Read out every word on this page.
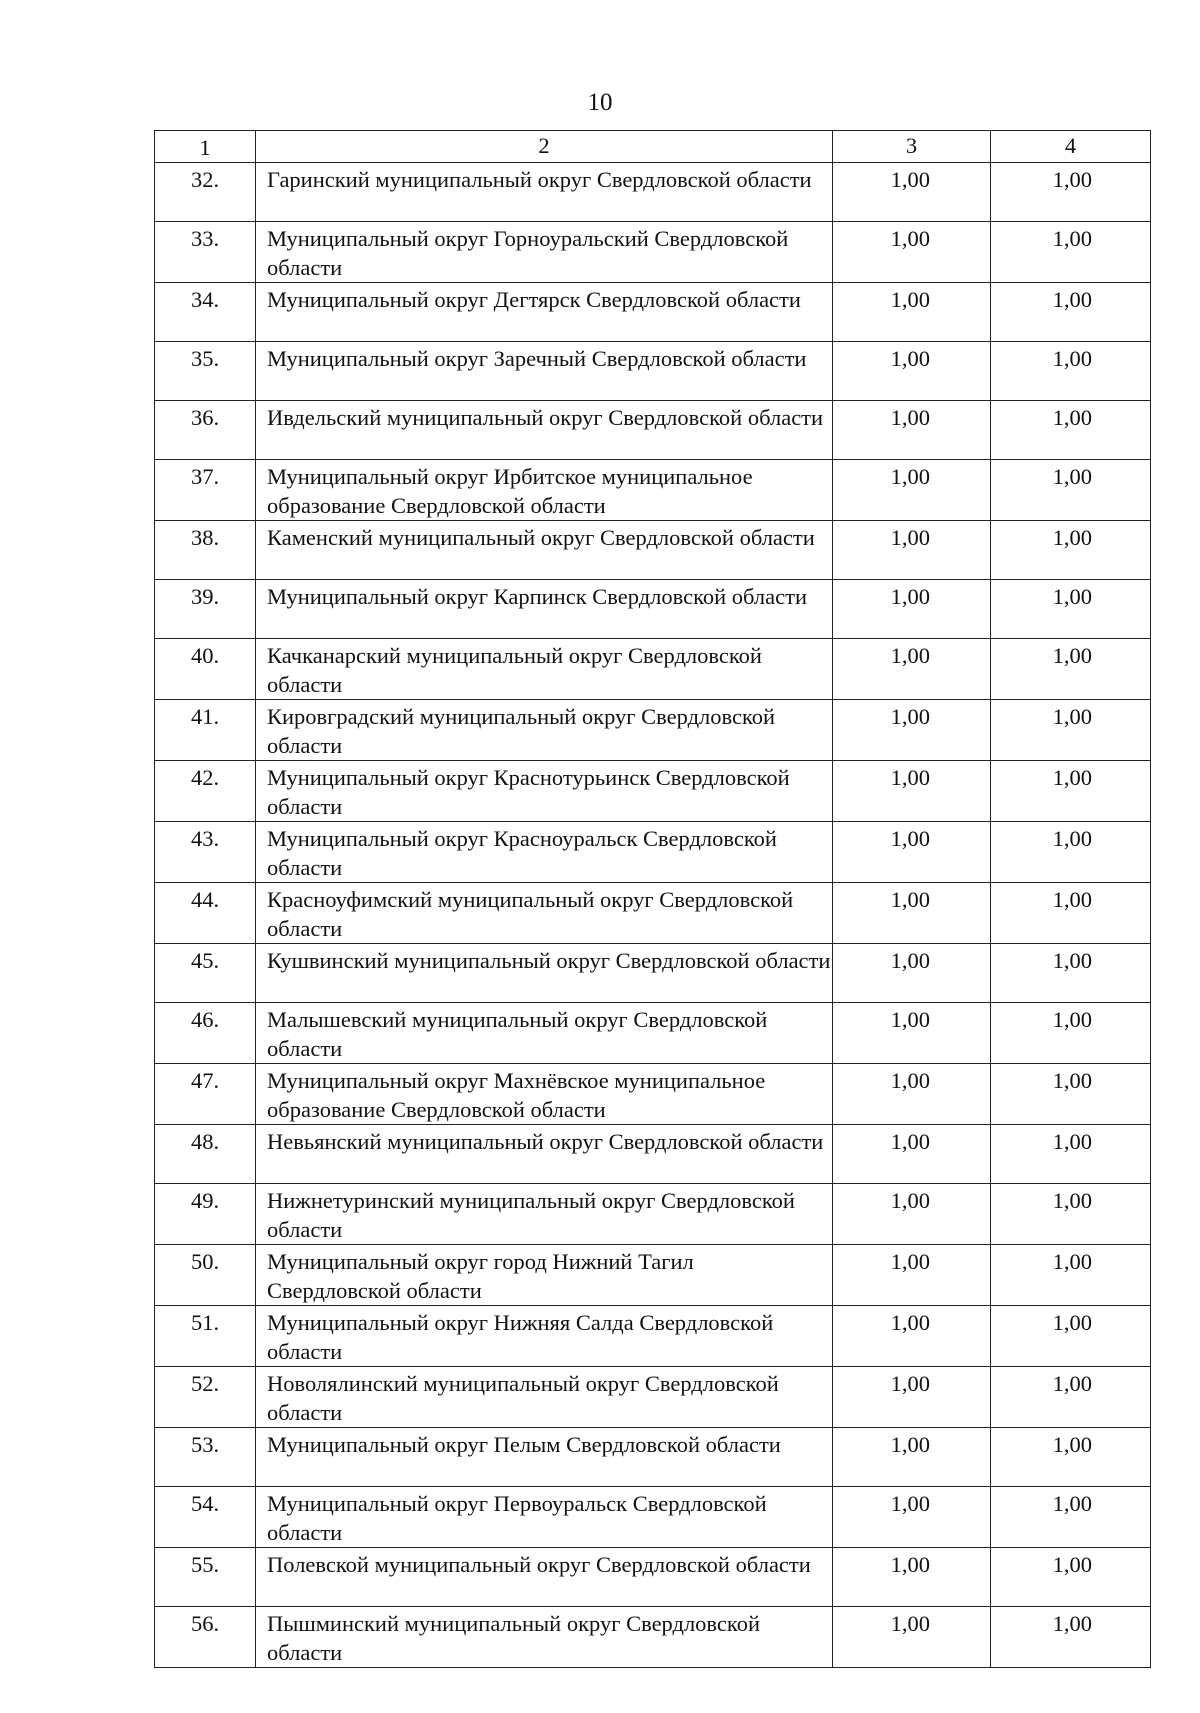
10
1	2	3	4
32.	Гаринский муниципальный округ Свердловской области	1,00	1,00
33.	Муниципальный округ Горноуральский Свердловской области	1,00	1,00
34.	Муниципальный округ Дегтярск Свердловской области	1,00	1,00
35.	Муниципальный округ Заречный Свердловской области	1,00	1,00
36.	Ивдельский муниципальный округ Свердловской области	1,00	1,00
37.	Муниципальный округ Ирбитское муниципальное образование Свердловской области	1,00	1,00
38.	Каменский муниципальный округ Свердловской области	1,00	1,00
39.	Муниципальный округ Карпинск Свердловской области	1,00	1,00
40.	Качканарский муниципальный округ Свердловской области	1,00	1,00
41.	Кировградский муниципальный округ Свердловской области	1,00	1,00
42.	Муниципальный округ Краснотурьинск Свердловской области	1,00	1,00
43.	Муниципальный округ Красноуральск Свердловской области	1,00	1,00
44.	Красноуфимский муниципальный округ Свердловской области	1,00	1,00
45.	Кушвинский муниципальный округ Свердловской области	1,00	1,00
46.	Малышевский муниципальный округ Свердловской области	1,00	1,00
47.	Муниципальный округ Махнёвское муниципальное образование Свердловской области	1,00	1,00
48.	Невьянский муниципальный округ Свердловской области	1,00	1,00
49.	Нижнетуринский муниципальный округ Свердловской области	1,00	1,00
50.	Муниципальный округ город Нижний Тагил Свердловской области	1,00	1,00
51.	Муниципальный округ Нижняя Салда Свердловской области	1,00	1,00
52.	Новолялинский муниципальный округ Свердловской области	1,00	1,00
53.	Муниципальный округ Пелым Свердловской области	1,00	1,00
54.	Муниципальный округ Первоуральск Свердловской области	1,00	1,00
55.	Полевской муниципальный округ Свердловской области	1,00	1,00
56.	Пышминский муниципальный округ Свердловской области	1,00	1,00
